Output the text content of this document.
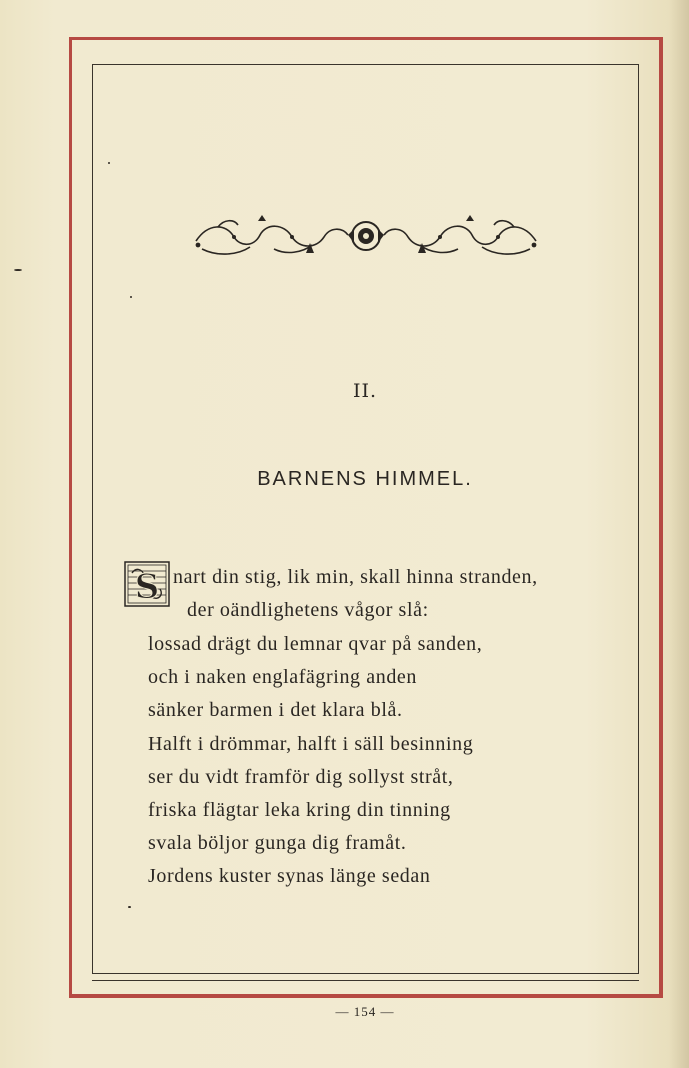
II.
BARNENS HIMMEL.
S nart din stig, lik min, skall hinna stranden,
der oändlighetens vågor slå:
lossad drägt du lemnar qvar på sanden,
och i naken englafägring anden
sänker barmen i det klara blå.
Halft i drömmar, halft i säll besinning
ser du vidt framför dig sollyst stråt,
friska flägtar leka kring din tinning
svala böljor gunga dig framåt.
Jordens kuster synas länge sedan
— 154 —
